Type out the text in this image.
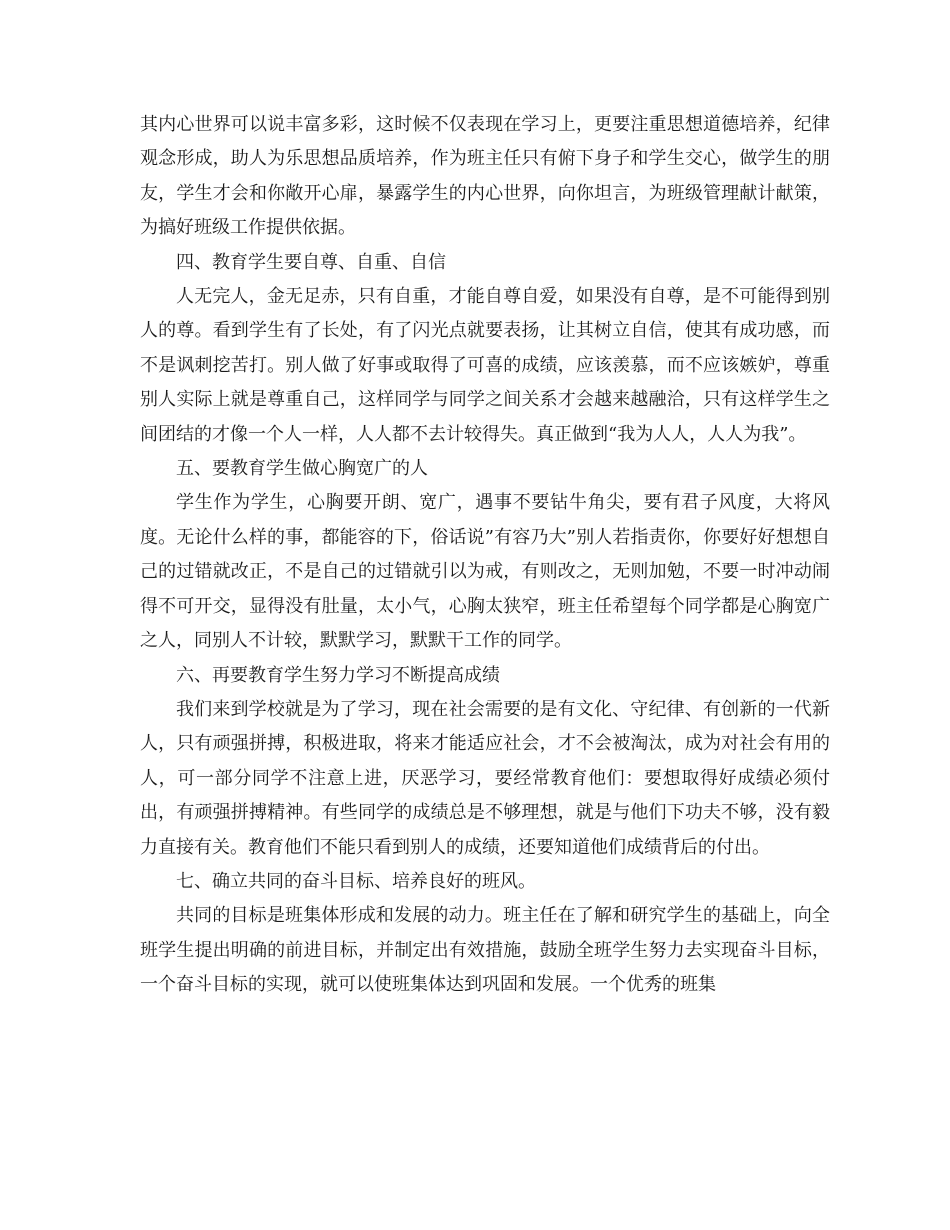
其内心世界可以说丰富多彩，这时候不仅表现在学习上，更要注重思想道德培养，纪律观念形成，助人为乐思想品质培养，作为班主任只有俯下身子和学生交心，做学生的朋友，学生才会和你敞开心扉，暴露学生的内心世界，向你坦言，为班级管理献计献策，为搞好班级工作提供依据。

四、教育学生要自尊、自重、自信

人无完人，金无足赤，只有自重，才能自尊自爱，如果没有自尊，是不可能得到别人的尊。看到学生有了长处，有了闪光点就要表扬，让其树立自信，使其有成功感，而不是讽刺挖苦打。别人做了好事或取得了可喜的成绩，应该羡慕，而不应该嫉妒，尊重别人实际上就是尊重自己，这样同学与同学之间关系才会越来越融洽，只有这样学生之间团结的才像一个人一样，人人都不去计较得失。真正做到“我为人人，人人为我”。

五、要教育学生做心胸宽广的人

学生作为学生，心胸要开朗、宽广，遇事不要钻牛角尖，要有君子风度，大将风度。无论什么样的事，都能容的下，俗话说”有容乃大”别人若指责你，你要好好想想自己的过错就改正，不是自己的过错就引以为戒，有则改之，无则加勉，不要一时冲动闹得不可开交，显得没有肚量，太小气，心胸太狭窄，班主任希望每个同学都是心胸宽广之人，同别人不计较，默默学习，默默干工作的同学。

六、再要教育学生努力学习不断提高成绩

我们来到学校就是为了学习，现在社会需要的是有文化、守纪律、有创新的一代新人，只有顽强拼搏，积极进取，将来才能适应社会，才不会被淘汰，成为对社会有用的人，可一部分同学不注意上进，厌恶学习，要经常教育他们：要想取得好成绩必须付出，有顽强拼搏精神。有些同学的成绩总是不够理想，就是与他们下功夫不够，没有毅力直接有关。教育他们不能只看到别人的成绩，还要知道他们成绩背后的付出。

七、确立共同的奋斗目标、培养良好的班风。

共同的目标是班集体形成和发展的动力。班主任在了解和研究学生的基础上，向全班学生提出明确的前进目标，并制定出有效措施，鼓励全班学生努力去实现奋斗目标，一个奋斗目标的实现，就可以使班集体达到巩固和发展。一个优秀的班集
